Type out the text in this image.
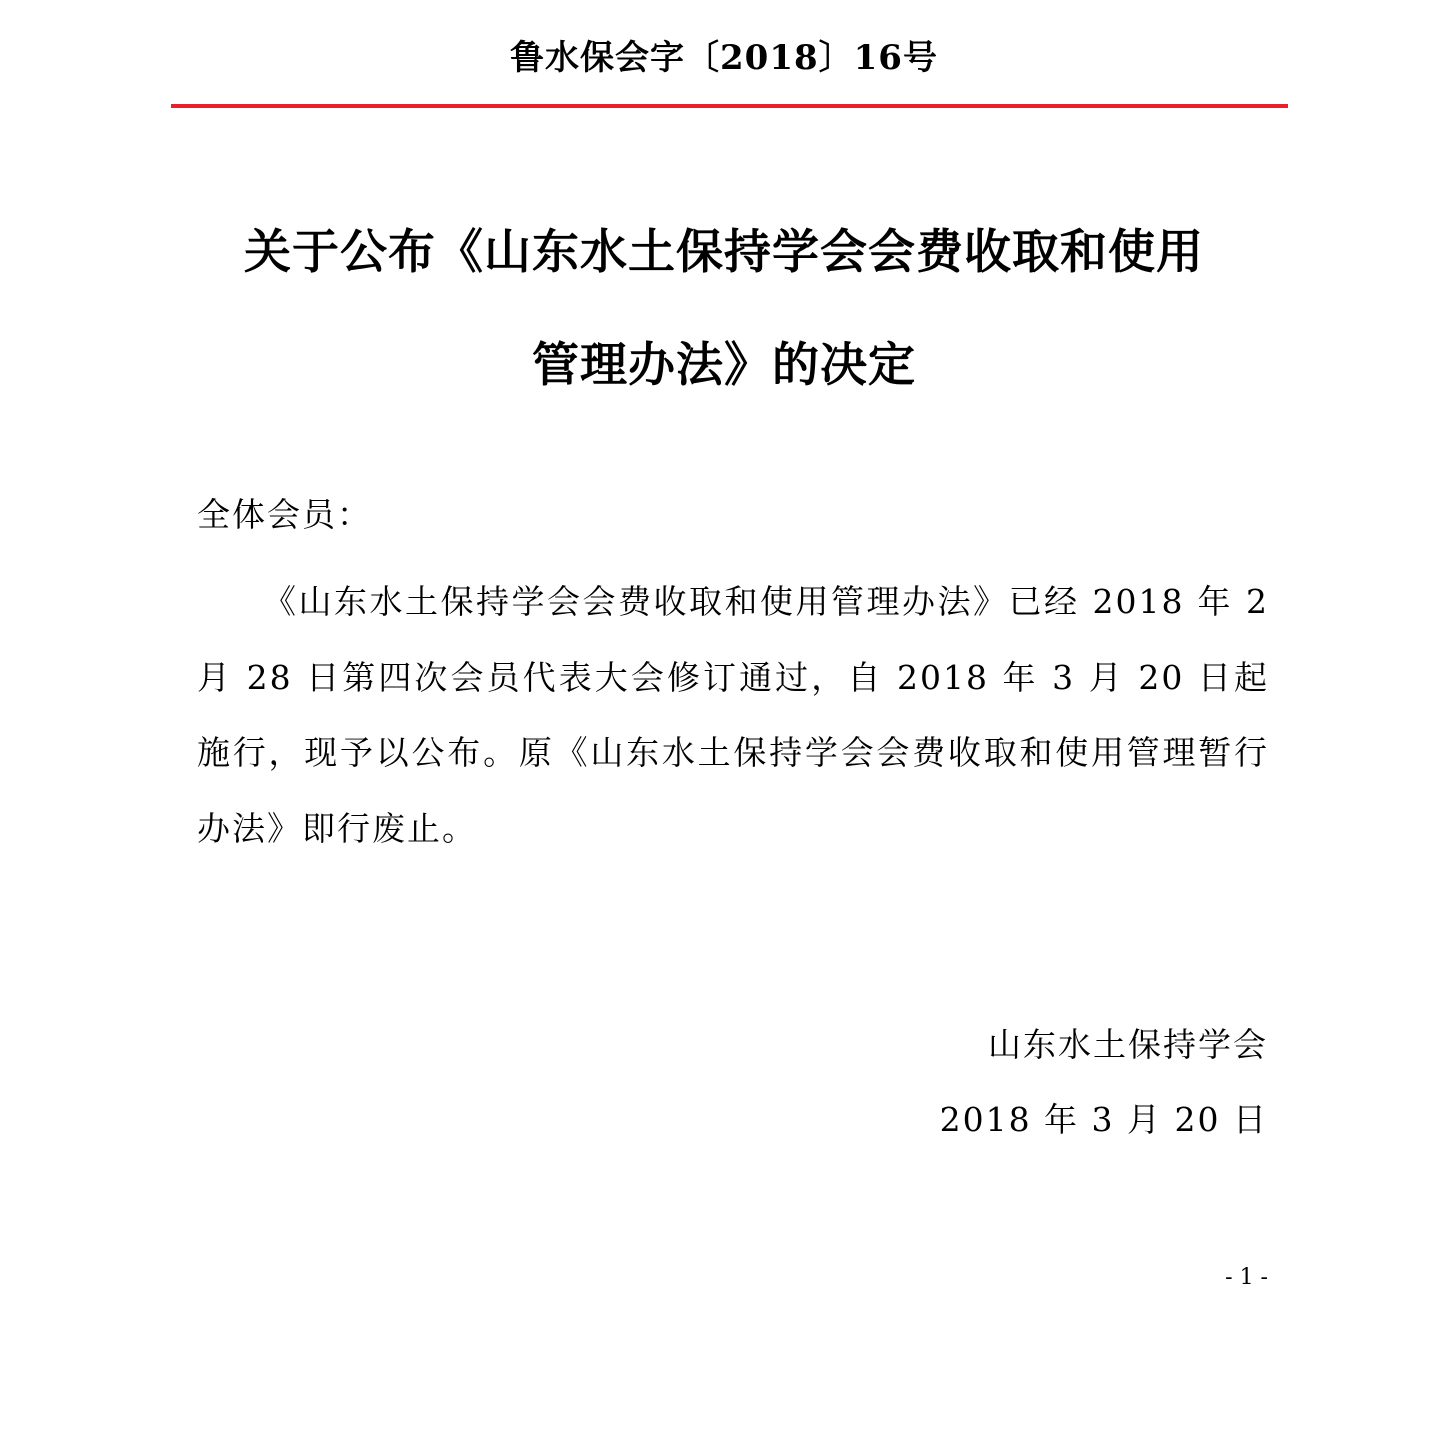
鲁水保会字〔2018〕16号
关于公布《山东水土保持学会会费收取和使用
管理办法》的决定
全体会员：
《山东水土保持学会会费收取和使用管理办法》已经 2018 年 2 月 28 日第四次会员代表大会修订通过，自 2018 年 3 月 20 日起施行，现予以公布。原《山东水土保持学会会费收取和使用管理暂行办法》即行废止。
山东水土保持学会
2018 年 3 月 20 日
- 1 -
